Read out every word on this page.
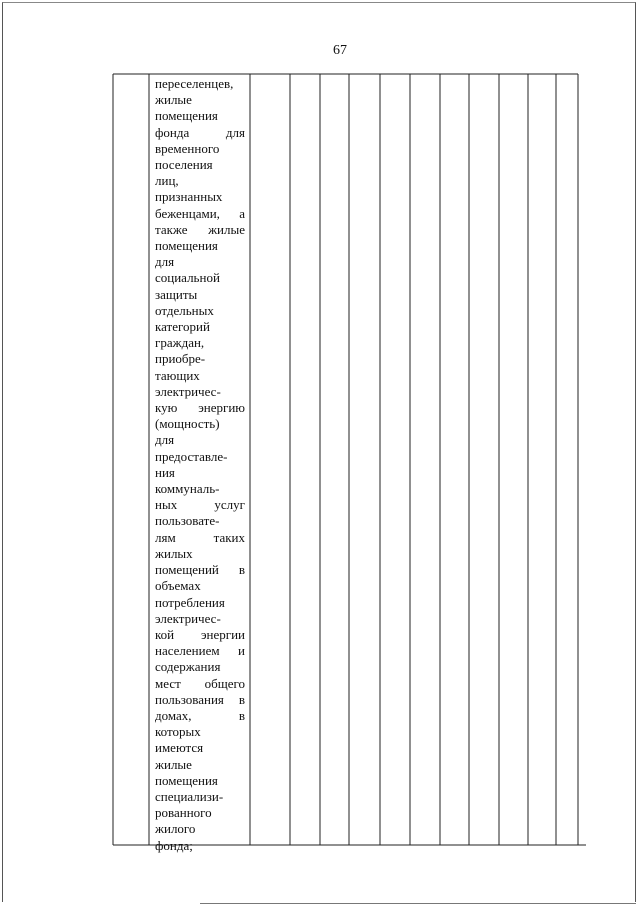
67
переселенцев,
жилые
помещения
фонда для
временного
поселения
лиц,
признанных
беженцами, а
также жилые
помещения
для
социальной
защиты
отдельных
категорий
граждан,
приобре-
тающих
электричес-
кую энергию
(мощность)
для
предоставле-
ния
коммуналь-
ных услуг
пользовате-
лям таких
жилых
помещений в
объемах
потребления
электричес-
кой энергии
населением и
содержания
мест общего
пользования в
домах, в
которых
имеются
жилые
помещения
специализи-
рованного
жилого
фонда;
